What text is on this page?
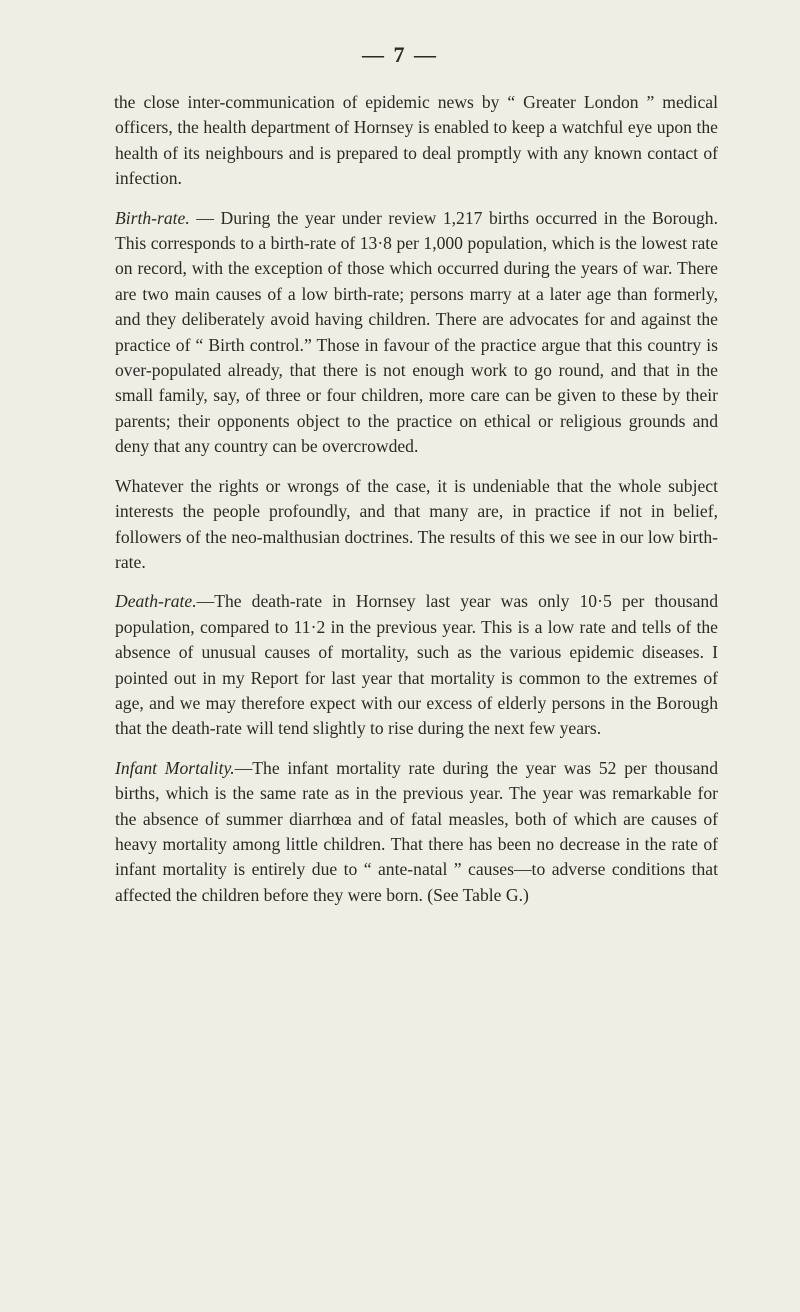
— 7 —

the close inter-communication of epidemic news by “ Greater London ” medical officers, the health department of Hornsey is enabled to keep a watchful eye upon the health of its neighbours and is prepared to deal promptly with any known contact of infection.

Birth-rate. — During the year under review 1,217 births occurred in the Borough. This corresponds to a birth-rate of 13·8 per 1,000 population, which is the lowest rate on record, with the exception of those which occurred during the years of war. There are two main causes of a low birth-rate; persons marry at a later age than formerly, and they deliberately avoid having children. There are advocates for and against the practice of “ Birth control.” Those in favour of the practice argue that this country is over-populated already, that there is not enough work to go round, and that in the small family, say, of three or four children, more care can be given to these by their parents; their opponents object to the practice on ethical or religious grounds and deny that any country can be overcrowded.

Whatever the rights or wrongs of the case, it is undeniable that the whole subject interests the people profoundly, and that many are, in practice if not in belief, followers of the neo-malthusian doctrines. The results of this we see in our low birth-rate.

Death-rate.—The death-rate in Hornsey last year was only 10·5 per thousand population, compared to 11·2 in the previous year. This is a low rate and tells of the absence of unusual causes of mortality, such as the various epidemic diseases. I pointed out in my Report for last year that mortality is common to the extremes of age, and we may therefore expect with our excess of elderly persons in the Borough that the death-rate will tend slightly to rise during the next few years.

Infant Mortality.—The infant mortality rate during the year was 52 per thousand births, which is the same rate as in the previous year. The year was remarkable for the absence of summer diarrhœa and of fatal measles, both of which are causes of heavy mortality among little children. That there has been no decrease in the rate of infant mortality is entirely due to “ ante-natal ” causes—to adverse conditions that affected the children before they were born. (See Table G.)
